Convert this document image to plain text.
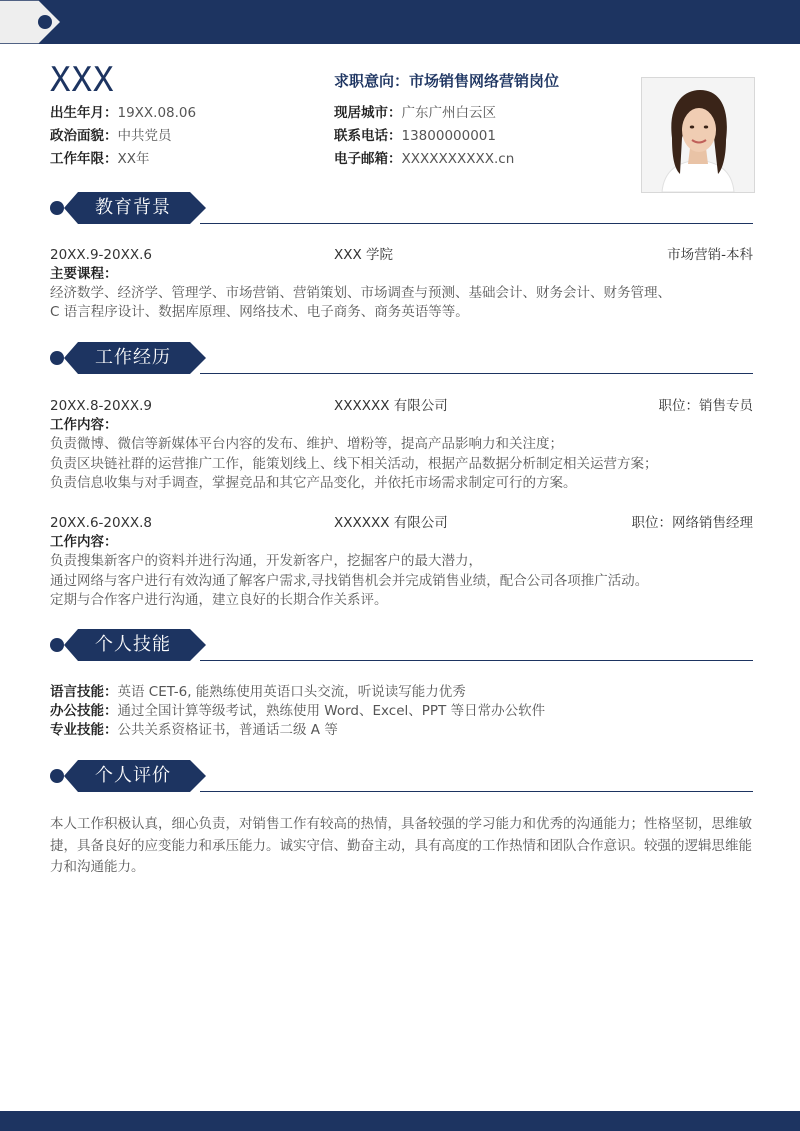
XXX	求职意向：市场销售网络营销岗位
出生年月：19XX.08.06
政治面貌：中共党员
工作年限：XX年
现居城市：广东广州白云区
联系电话：13800000001
电子邮箱：XXXXXXXXXX.cn
教育背景
20XX.9-20XX.6	XXX 学院	市场营销-本科
主要课程：
经济数学、经济学、管理学、市场营销、营销策划、市场调查与预测、基础会计、财务会计、财务管理、
C 语言程序设计、数据库原理、网络技术、电子商务、商务英语等等。
工作经历
20XX.8-20XX.9	XXXXXX 有限公司	职位：销售专员
工作内容：
负责微博、微信等新媒体平台内容的发布、维护、增粉等，提高产品影响力和关注度；
负责区块链社群的运营推广工作，能策划线上、线下相关活动，根据产品数据分析制定相关运营方案；
负责信息收集与对手调查，掌握竞品和其它产品变化，并依托市场需求制定可行的方案。
20XX.6-20XX.8	XXXXXX 有限公司	职位：网络销售经理
工作内容：
负责搜集新客户的资料并进行沟通，开发新客户，挖掘客户的最大潜力，
通过网络与客户进行有效沟通了解客户需求,寻找销售机会并完成销售业绩，配合公司各项推广活动。
定期与合作客户进行沟通，建立良好的长期合作关系评。
个人技能
语言技能：英语 CET-6, 能熟练使用英语口头交流，听说读写能力优秀
办公技能：通过全国计算等级考试，熟练使用 Word、Excel、PPT 等日常办公软件
专业技能：公共关系资格证书，普通话二级 A 等
个人评价
本人工作积极认真，细心负责，对销售工作有较高的热情，具备较强的学习能力和优秀的沟通能力；性格坚韧，思维敏捷，具备良好的应变能力和承压能力。诚实守信、勤奋主动，具有高度的工作热情和团队合作意识。较强的逻辑思维能力和沟通能力。
